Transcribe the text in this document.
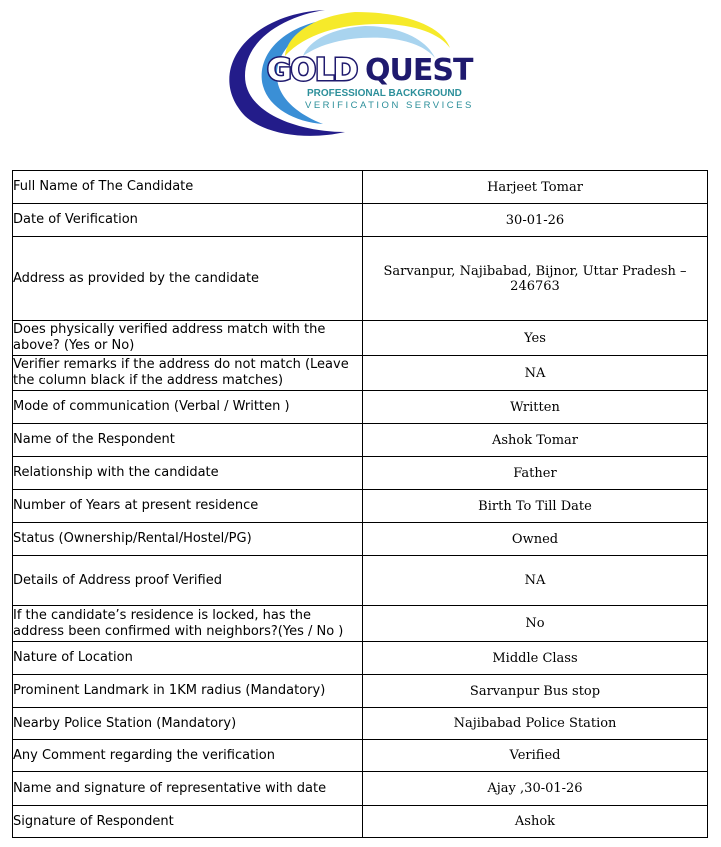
GOLD QUEST
PROFESSIONAL BACKGROUND
VERIFICATION SERVICES
Full Name of The Candidate	Harjeet Tomar
Date of Verification	30-01-26
Address as provided by the candidate	Sarvanpur, Najibabad, Bijnor, Uttar Pradesh – 246763
Does physically verified address match with the above? (Yes or No)	Yes
Verifier remarks if the address do not match (Leave the column black if the address matches)	NA
Mode of communication (Verbal / Written )	Written
Name of the Respondent	Ashok Tomar
Relationship with the candidate	Father
Number of Years at present residence	Birth To Till Date
Status (Ownership/Rental/Hostel/PG)	Owned
Details of Address proof Verified	NA
If the candidate’s residence is locked, has the address been confirmed with neighbors?(Yes / No )	No
Nature of Location	Middle Class
Prominent Landmark in 1KM radius (Mandatory)	Sarvanpur Bus stop
Nearby Police Station (Mandatory)	Najibabad Police Station
Any Comment regarding the verification	Verified
Name and signature of representative with date	Ajay ,30-01-26
Signature of Respondent	Ashok
